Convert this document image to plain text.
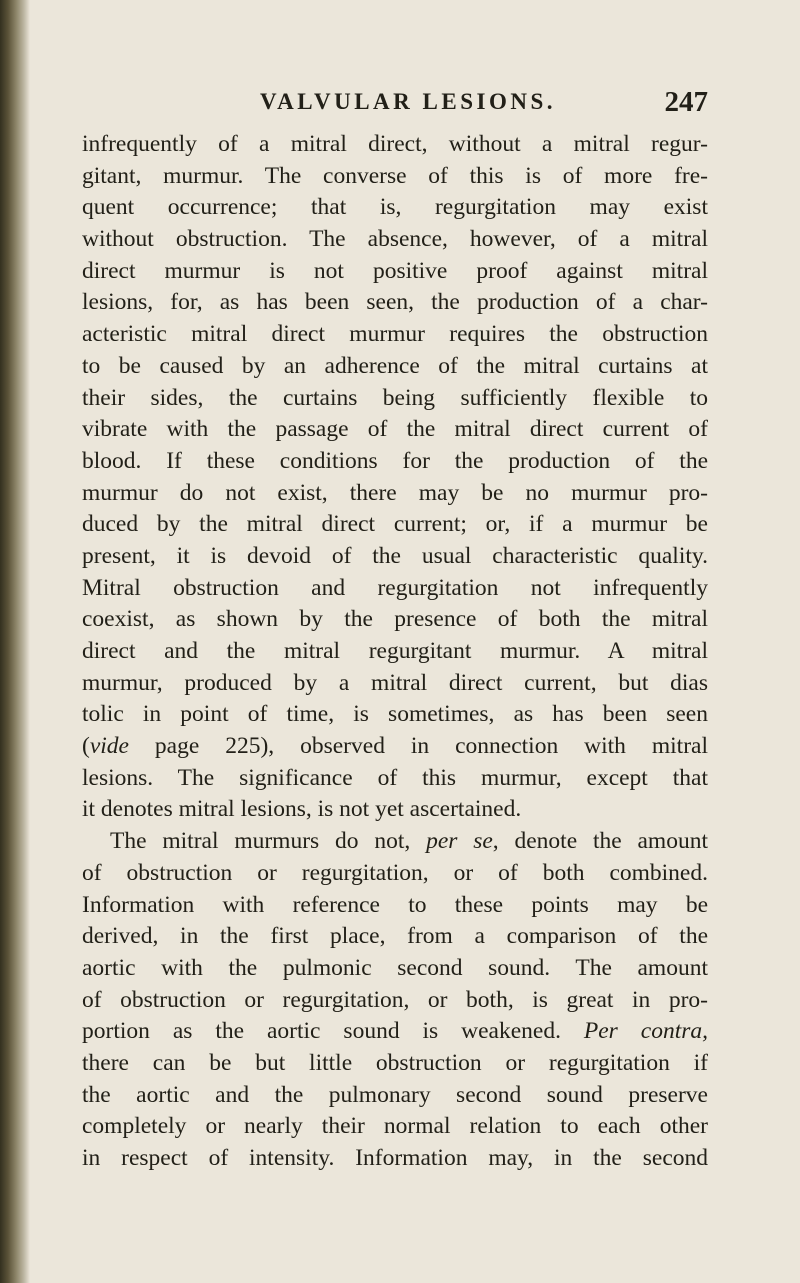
VALVULAR LESIONS.	247
infrequently of a mitral direct, without a mitral regur-
gitant, murmur. The converse of this is of more fre-
quent occurrence; that is, regurgitation may exist
without obstruction. The absence, however, of a mitral
direct murmur is not positive proof against mitral
lesions, for, as has been seen, the production of a char-
acteristic mitral direct murmur requires the obstruction
to be caused by an adherence of the mitral curtains at
their sides, the curtains being sufficiently flexible to
vibrate with the passage of the mitral direct current of
blood. If these conditions for the production of the
murmur do not exist, there may be no murmur pro-
duced by the mitral direct current; or, if a murmur be
present, it is devoid of the usual characteristic quality.
Mitral obstruction and regurgitation not infrequently
coexist, as shown by the presence of both the mitral
direct and the mitral regurgitant murmur. A mitral
murmur, produced by a mitral direct current, but dias
tolic in point of time, is sometimes, as has been seen
(vide page 225), observed in connection with mitral
lesions. The significance of this murmur, except that
it denotes mitral lesions, is not yet ascertained.
The mitral murmurs do not, per se, denote the amount
of obstruction or regurgitation, or of both combined.
Information with reference to these points may be
derived, in the first place, from a comparison of the
aortic with the pulmonic second sound. The amount
of obstruction or regurgitation, or both, is great in pro-
portion as the aortic sound is weakened. Per contra,
there can be but little obstruction or regurgitation if
the aortic and the pulmonary second sound preserve
completely or nearly their normal relation to each other
in respect of intensity. Information may, in the second
